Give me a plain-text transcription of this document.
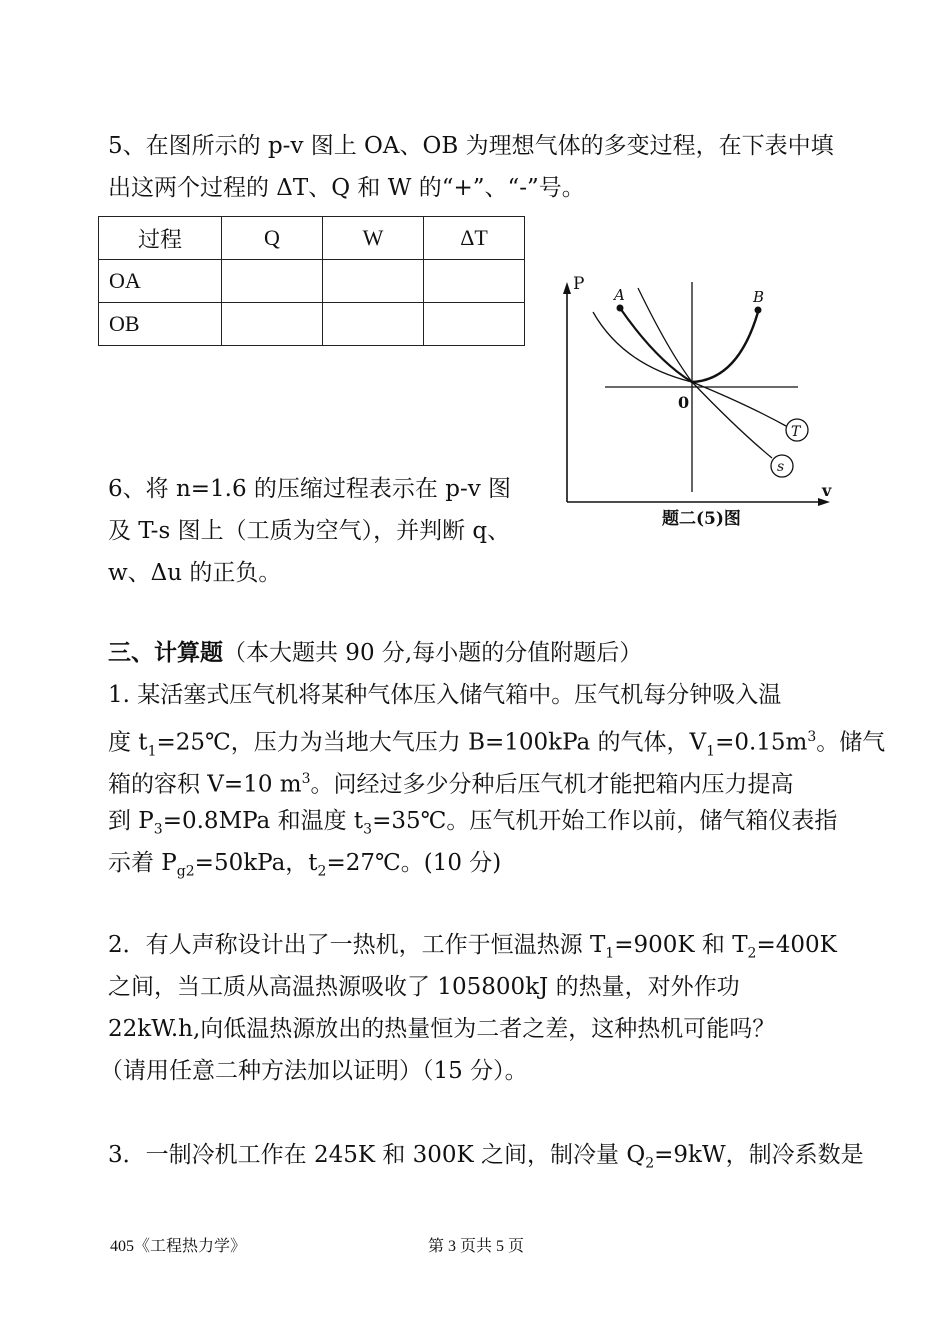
5、在图所示的 p-v 图上 OA、OB 为理想气体的多变过程，在下表中填
出这两个过程的 ΔT、Q 和 W 的“+”、“-”号。
过程	Q	W	ΔT
OA			
OB			
P
v
A	B
0
T
s
题二(5)图
6、将 n=1.6 的压缩过程表示在 p-v 图
及 T-s 图上（工质为空气），并判断 q、
w、Δu 的正负。
三、计算题（本大题共 90 分,每小题的分值附题后）
1. 某活塞式压气机将某种气体压入储气箱中。压气机每分钟吸入温
度 $t_1=25℃$，压力为当地大气压力 B=100kPa 的气体，$V_1=0.15m^3$。储气
箱的容积 V=10 $m^3$。问经过多少分种后压气机才能把箱内压力提高
到 $P_3=0.8MPa$ 和温度 $t_3=35℃$。压气机开始工作以前，储气箱仪表指
示着 $P_{g2}=50kPa$，$t_2=27℃$。(10 分)
2．有人声称设计出了一热机，工作于恒温热源 $T_1=900K$ 和 $T_2=400K$
之间，当工质从高温热源吸收了 105800kJ 的热量，对外作功
22kW.h,向低温热源放出的热量恒为二者之差，这种热机可能吗？
（请用任意二种方法加以证明）（15 分）。
3．一制冷机工作在 245K 和 300K 之间，制冷量 $Q_2=9kW$，制冷系数是
405《工程热力学》	第 3 页共 5 页
